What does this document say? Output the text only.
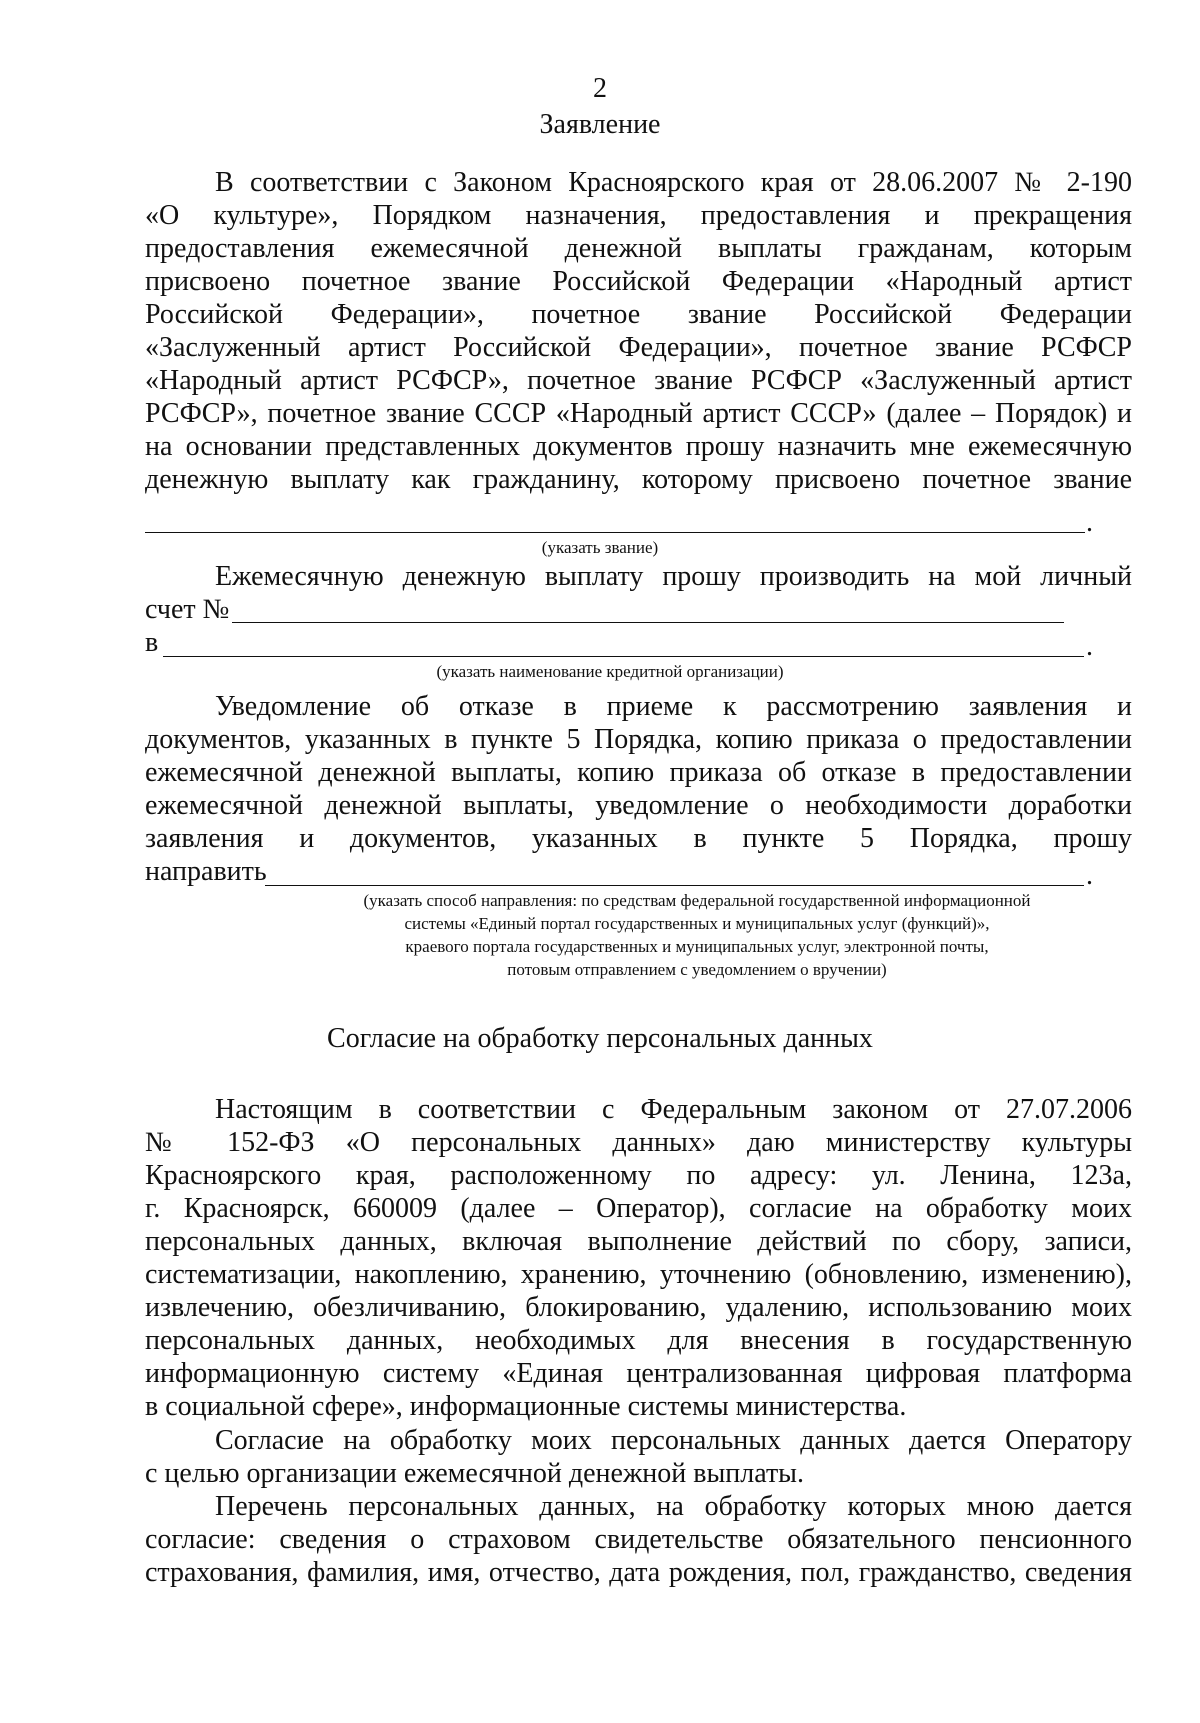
2
Заявление
В соответствии с Законом Красноярского края от 28.06.2007 № 2-190
«О культуре», Порядком назначения, предоставления и прекращения
предоставления ежемесячной денежной выплаты гражданам, которым
присвоено почетное звание Российской Федерации «Народный артист
Российской Федерации», почетное звание Российской Федерации
«Заслуженный артист Российской Федерации», почетное звание РСФСР
«Народный артист РСФСР», почетное звание РСФСР «Заслуженный артист
РСФСР», почетное звание СССР «Народный артист СССР» (далее – Порядок) и
на основании представленных документов прошу назначить мне ежемесячную
денежную выплату как гражданину, которому присвоено почетное звание
.
(указать звание)
Ежемесячную денежную выплату прошу производить на мой личный
счет №
в	.
(указать наименование кредитной организации)
Уведомление об отказе в приеме к рассмотрению заявления и
документов, указанных в пункте 5 Порядка, копию приказа о предоставлении
ежемесячной денежной выплаты, копию приказа об отказе в предоставлении
ежемесячной денежной выплаты, уведомление о необходимости доработки
заявления и документов, указанных в пункте 5 Порядка, прошу
направить	.
(указать способ направления: по средствам федеральной государственной информационной
системы «Единый портал государственных и муниципальных услуг (функций)»,
краевого портала государственных и муниципальных услуг, электронной почты,
потовым отправлением с уведомлением о вручении)
Согласие на обработку персональных данных
Настоящим в соответствии с Федеральным законом от 27.07.2006
№ 152-ФЗ «О персональных данных» даю министерству культуры
Красноярского края, расположенному по адресу: ул. Ленина, 123а,
г. Красноярск, 660009 (далее – Оператор), согласие на обработку моих
персональных данных, включая выполнение действий по сбору, записи,
систематизации, накоплению, хранению, уточнению (обновлению, изменению),
извлечению, обезличиванию, блокированию, удалению, использованию моих
персональных данных, необходимых для внесения в государственную
информационную систему «Единая централизованная цифровая платформа
в социальной сфере», информационные системы министерства.
Согласие на обработку моих персональных данных дается Оператору
с целью организации ежемесячной денежной выплаты.
Перечень персональных данных, на обработку которых мною дается
согласие: сведения о страховом свидетельстве обязательного пенсионного
страхования, фамилия, имя, отчество, дата рождения, пол, гражданство, сведения
